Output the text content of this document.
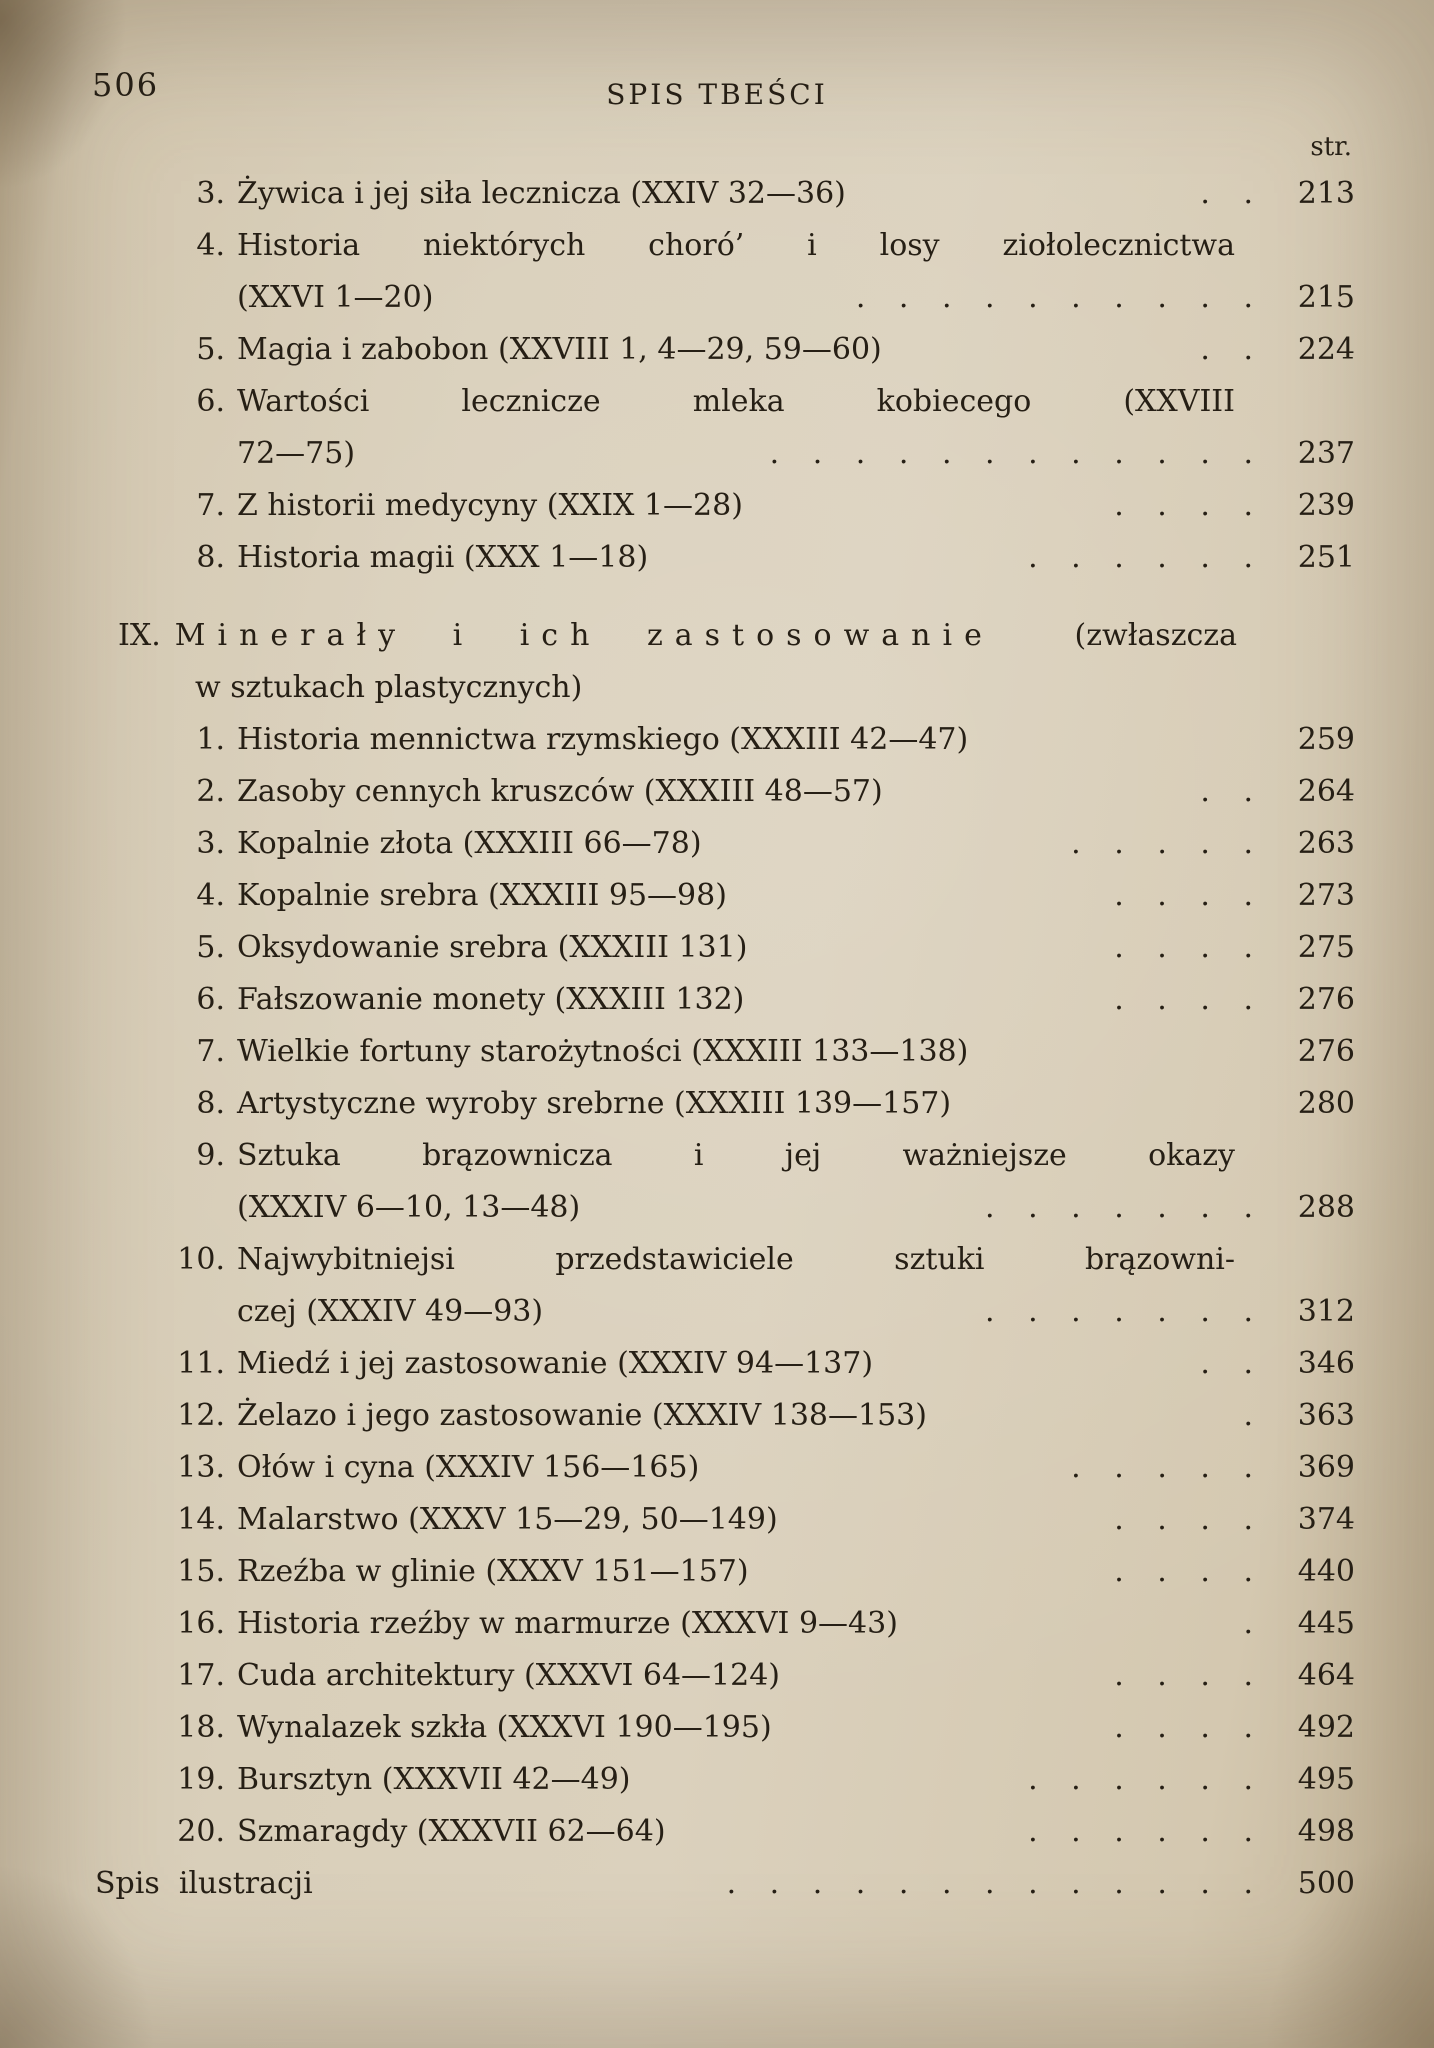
506	SPIS TBEŚCI
str.
3. Żywica i jej siła lecznicza (XXIV 32—36)	. .	213
4. Historia niektórych choró’ i losy ziołolecznictwa
(XXVI 1—20)	. . . . . . . . . .	215
5. Magia i zabobon (XXVIII 1, 4—29, 59—60)	. .	224
6. Wartości lecznicze mleka kobiecego (XXVIII
72—75)	. . . . . . . . . . . .	237
7. Z historii medycyny (XXIX 1—28)	. . . .	239
8. Historia magii (XXX 1—18)	. . . . . .	251
IX. Minerały i ich zastosowanie	(zwłaszcza
w sztukach plastycznych)
1. Historia mennictwa rzymskiego (XXXIII 42—47)	259
2. Zasoby cennych kruszców (XXXIII 48—57)	. .	264
3. Kopalnie złota (XXXIII 66—78)	. . . . .	263
4. Kopalnie srebra (XXXIII 95—98)	. . . .	273
5. Oksydowanie srebra (XXXIII 131)	. . . .	275
6. Fałszowanie monety (XXXIII 132)	. . . .	276
7. Wielkie fortuny starożytności (XXXIII 133—138)	276
8. Artystyczne wyroby srebrne (XXXIII 139—157)	280
9. Sztuka brązownicza i jej ważniejsze okazy
(XXXIV 6—10, 13—48)	. . . . . . .	288
10. Najwybitniejsi przedstawiciele sztuki brązowni-
czej (XXXIV 49—93)	. . . . . . .	312
11. Miedź i jej zastosowanie (XXXIV 94—137)	. .	346
12. Żelazo i jego zastosowanie (XXXIV 138—153)	.	363
13. Ołów i cyna (XXXIV 156—165)	. . . . .	369
14. Malarstwo (XXXV 15—29, 50—149)	. . . .	374
15. Rzeźba w glinie (XXXV 151—157)	. . . .	440
16. Historia rzeźby w marmurze (XXXVI 9—43)	.	445
17. Cuda architektury (XXXVI 64—124)	. . . .	464
18. Wynalazek szkła (XXXVI 190—195)	. . . .	492
19. Bursztyn (XXXVII 42—49)	. . . . . .	495
20. Szmaragdy (XXXVII 62—64)	. . . . . .	498
Spis  ilustracji	. . . . . . . . . . . . .	500
